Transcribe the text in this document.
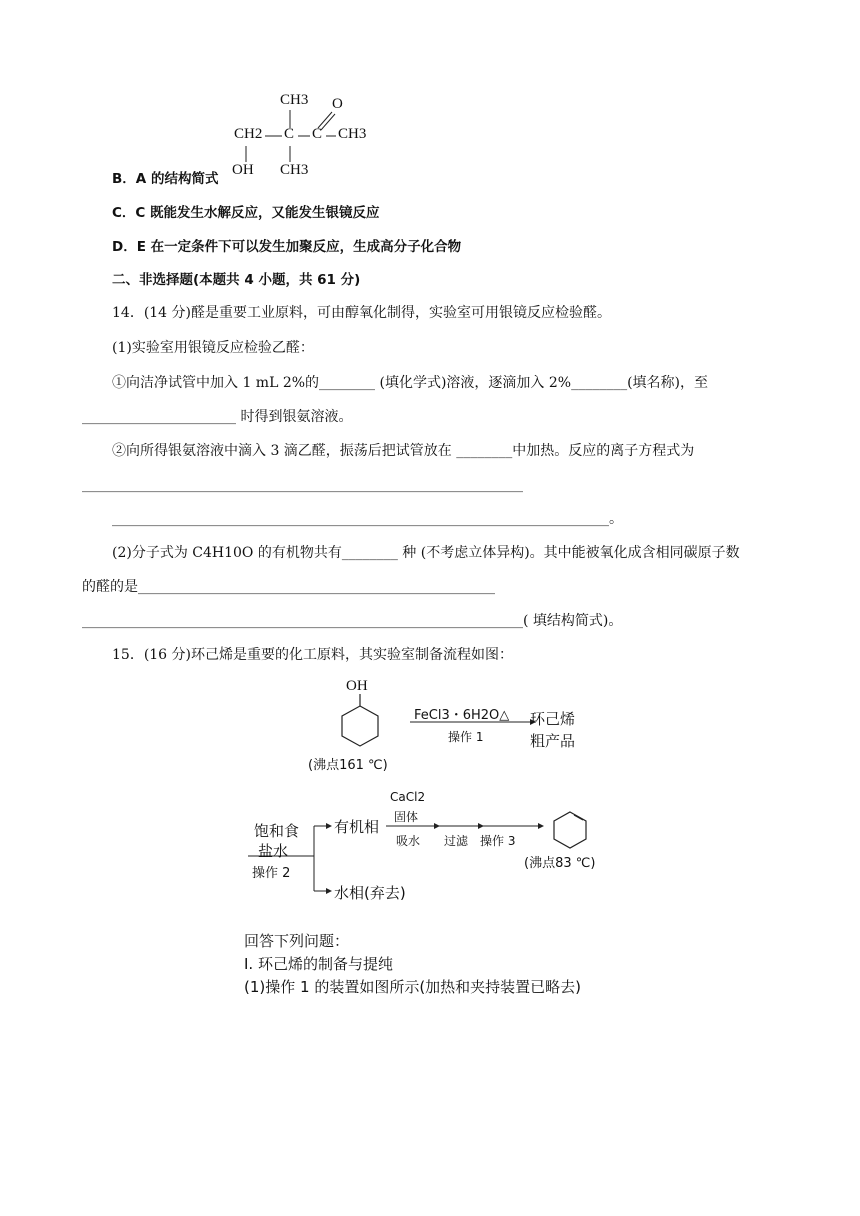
CH3 O
CH2 C C CH3
OH CH3
B．A 的结构简式
C．C 既能发生水解反应，又能发生银镜反应
D．E 在一定条件下可以发生加聚反应，生成高分子化合物
二、非选择题(本题共 4 小题，共 61 分)
14．(14 分)醛是重要工业原料，可由醇氧化制得，实验室可用银镜反应检验醛。
(1)实验室用银镜反应检验乙醛：
①向洁净试管中加入 1 mL 2%的________ (填化学式)溶液，逐滴加入 2%________(填名称)，至
______________________ 时得到银氨溶液。
②向所得银氨溶液中滴入 3 滴乙醛，振荡后把试管放在 ________中加热。反应的离子方程式为
_______________________________________________________________
_______________________________________________________________________。
(2)分子式为 C4H10O 的有机物共有________ 种 (不考虑立体异构)。其中能被氧化成含相同碳原子数
的醛的是___________________________________________________
_______________________________________________________________( 填结构简式)。
15．(16 分)环己烯是重要的化工原料，其实验室制备流程如图：
OH
FeCl3・6H2O△
操作 1
环己烯
粗产品
(沸点161 ℃)
饱和食
盐水
操作 2
有机相
CaCl2
固体
吸水 过滤 操作 3
(沸点83 ℃)
水相(弃去)
回答下列问题：
Ⅰ. 环己烯的制备与提纯
(1)操作 1 的装置如图所示(加热和夹持装置已略去)
